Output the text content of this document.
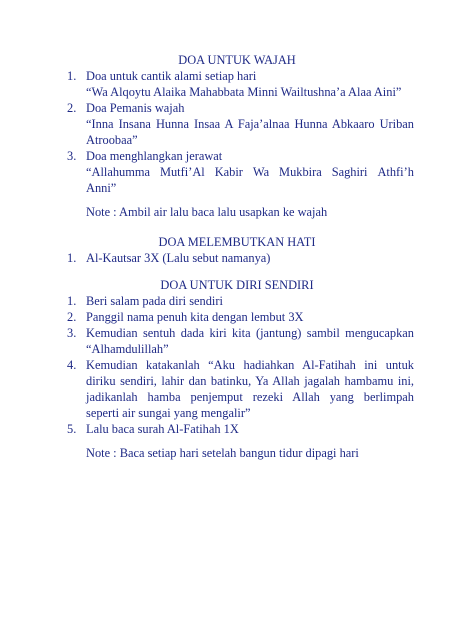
DOA UNTUK WAJAH
1. Doa untuk cantik alami setiap hari
“Wa Alqoytu Alaika Mahabbata Minni Wailtushna’a Alaa Aini”
2. Doa Pemanis wajah
“Inna Insana Hunna Insaa A Faja’alnaa Hunna Abkaaro Uriban
Atroobaa”
3. Doa menghlangkan jerawat
“Allahumma Mutfi’Al Kabir Wa Mukbira Saghiri Athfi’h
Anni”
Note : Ambil air lalu baca lalu usapkan ke wajah
DOA MELEMBUTKAN HATI
1. Al-Kautsar 3X (Lalu sebut namanya)
DOA UNTUK DIRI SENDIRI
1. Beri salam pada diri sendiri
2. Panggil nama penuh kita dengan lembut 3X
3. Kemudian sentuh dada kiri kita (jantung) sambil mengucapkan
“Alhamdulillah”
4. Kemudian katakanlah “Aku hadiahkan Al-Fatihah ini untuk
diriku sendiri, lahir dan batinku, Ya Allah jagalah hambamu ini,
jadikanlah hamba penjemput rezeki Allah yang berlimpah
seperti air sungai yang mengalir”
5. Lalu baca surah Al-Fatihah 1X
Note : Baca setiap hari setelah bangun tidur dipagi hari
